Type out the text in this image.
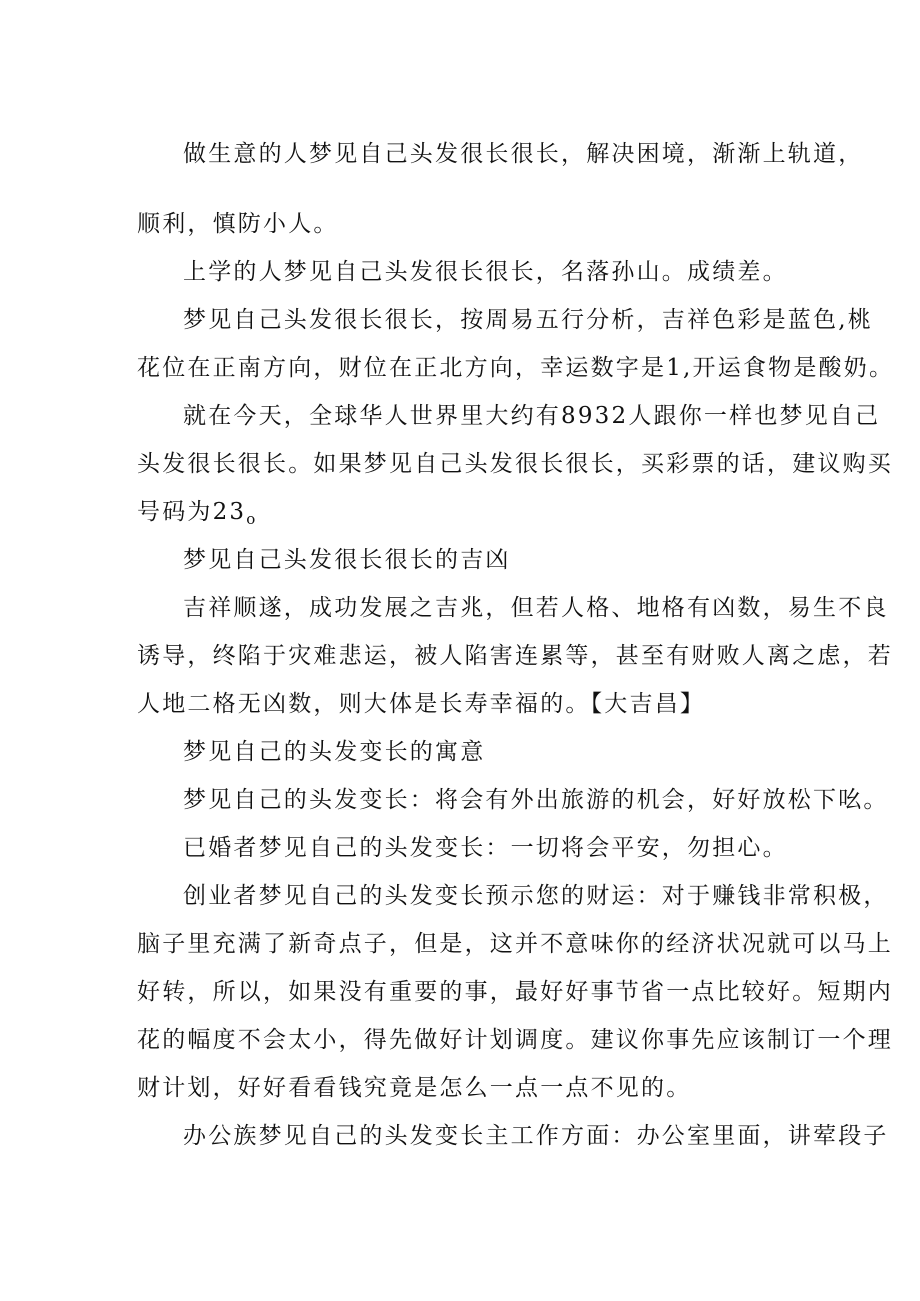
做生意的人梦见自己头发很长很长，解决困境，渐渐上轨道，
顺利，慎防小人。
上学的人梦见自己头发很长很长，名落孙山。成绩差。
梦见自己头发很长很长，按周易五行分析，吉祥色彩是蓝色,桃
花位在正南方向，财位在正北方向，幸运数字是1,开运食物是酸奶。
就在今天，全球华人世界里大约有8932人跟你一样也梦见自己
头发很长很长。如果梦见自己头发很长很长，买彩票的话，建议购买
号码为$23_o$
梦见自己头发很长很长的吉凶
吉祥顺遂，成功发展之吉兆，但若人格、地格有凶数，易生不良
诱导，终陷于灾难悲运，被人陷害连累等，甚至有财败人离之虑，若
人地二格无凶数，则大体是长寿幸福的。【大吉昌】
梦见自己的头发变长的寓意
梦见自己的头发变长：将会有外出旅游的机会，好好放松下吆。
已婚者梦见自己的头发变长：一切将会平安，勿担心。
创业者梦见自己的头发变长预示您的财运：对于赚钱非常积极，
脑子里充满了新奇点子，但是，这并不意味你的经济状况就可以马上
好转，所以，如果没有重要的事，最好好事节省一点比较好。短期内
花的幅度不会太小，得先做好计划调度。建议你事先应该制订一个理
财计划，好好看看钱究竟是怎么一点一点不见的。
办公族梦见自己的头发变长主工作方面：办公室里面，讲荤段子
